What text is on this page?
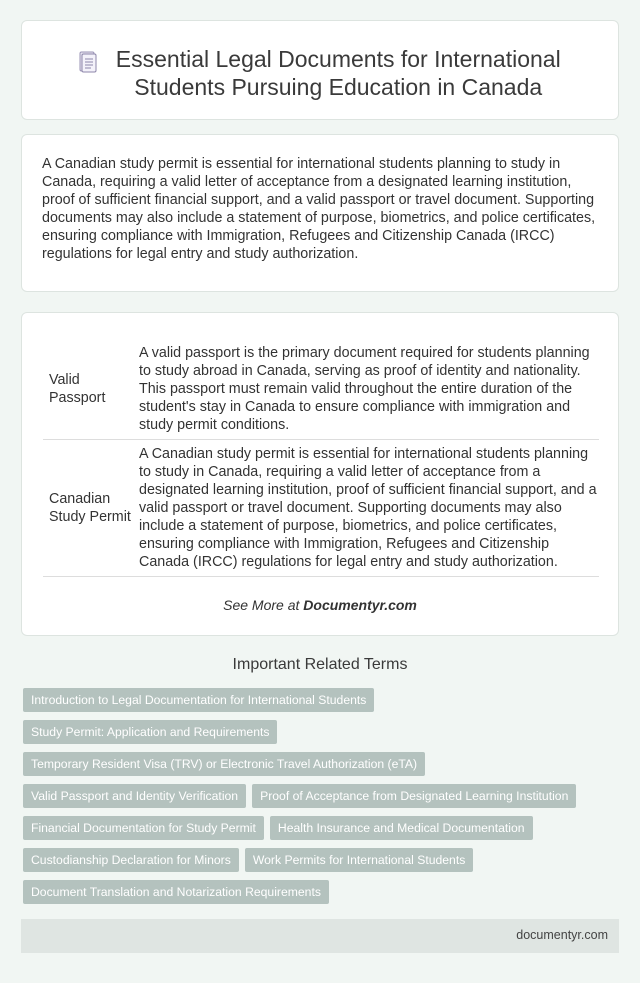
Essential Legal Documents for International
Students Pursuing Education in Canada

A Canadian study permit is essential for international students planning to study in Canada, requiring a valid letter of acceptance from a designated learning institution, proof of sufficient financial support, and a valid passport or travel document. Supporting documents may also include a statement of purpose, biometrics, and police certificates, ensuring compliance with Immigration, Refugees and Citizenship Canada (IRCC) regulations for legal entry and study authorization.

Valid Passport	A valid passport is the primary document required for students planning to study abroad in Canada, serving as proof of identity and nationality. This passport must remain valid throughout the entire duration of the student's stay in Canada to ensure compliance with immigration and study permit conditions.
Canadian Study Permit	A Canadian study permit is essential for international students planning to study in Canada, requiring a valid letter of acceptance from a designated learning institution, proof of sufficient financial support, and a valid passport or travel document. Supporting documents may also include a statement of purpose, biometrics, and police certificates, ensuring compliance with Immigration, Refugees and Citizenship Canada (IRCC) regulations for legal entry and study authorization.
See More at Documentyr.com
Important Related Terms
Introduction to Legal Documentation for International Students
Study Permit: Application and Requirements
Temporary Resident Visa (TRV) or Electronic Travel Authorization (eTA)
Valid Passport and Identity Verification Proof of Acceptance from Designated Learning Institution
Financial Documentation for Study Permit Health Insurance and Medical Documentation
Custodianship Declaration for Minors Work Permits for International Students
Document Translation and Notarization Requirements
documentyr.com
